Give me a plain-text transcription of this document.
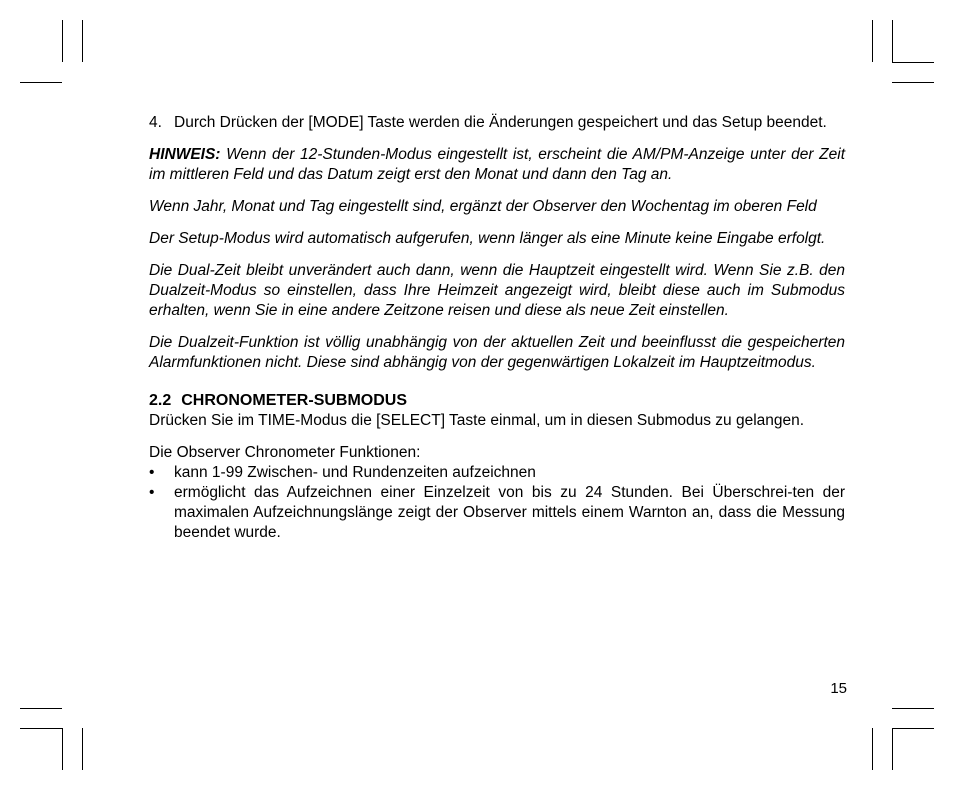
4. Durch Drücken der [MODE] Taste werden die Änderungen gespeichert und das Setup beendet.

HINWEIS: Wenn der 12-Stunden-Modus eingestellt ist, erscheint die AM/PM-Anzeige unter der Zeit im mittleren Feld und das Datum zeigt erst den Monat und dann den Tag an.

Wenn Jahr, Monat und Tag eingestellt sind, ergänzt der Observer den Wochentag im oberen Feld

Der Setup-Modus wird automatisch aufgerufen, wenn länger als eine Minute keine Eingabe erfolgt.

Die Dual-Zeit bleibt unverändert auch dann, wenn die Hauptzeit eingestellt wird. Wenn Sie z.B. den Dualzeit-Modus so einstellen, dass Ihre Heimzeit angezeigt wird, bleibt diese auch im Submodus erhalten, wenn Sie in eine andere Zeitzone reisen und diese als neue Zeit einstellen.

Die Dualzeit-Funktion ist völlig unabhängig von der aktuellen Zeit und beeinflusst die gespeicherten Alarmfunktionen nicht. Diese sind abhängig von der gegenwärtigen Lokalzeit im Hauptzeitmodus.

2.2 CHRONOMETER-SUBMODUS

Drücken Sie im TIME-Modus die [SELECT] Taste einmal, um in diesen Submodus zu gelangen.

Die Observer Chronometer Funktionen:

•	kann 1-99 Zwischen- und Rundenzeiten aufzeichnen
•	ermöglicht das Aufzeichnen einer Einzelzeit von bis zu 24 Stunden. Bei Überschrei-ten der maximalen Aufzeichnungslänge zeigt der Observer mittels einem Warnton an, dass die Messung beendet wurde.
15
